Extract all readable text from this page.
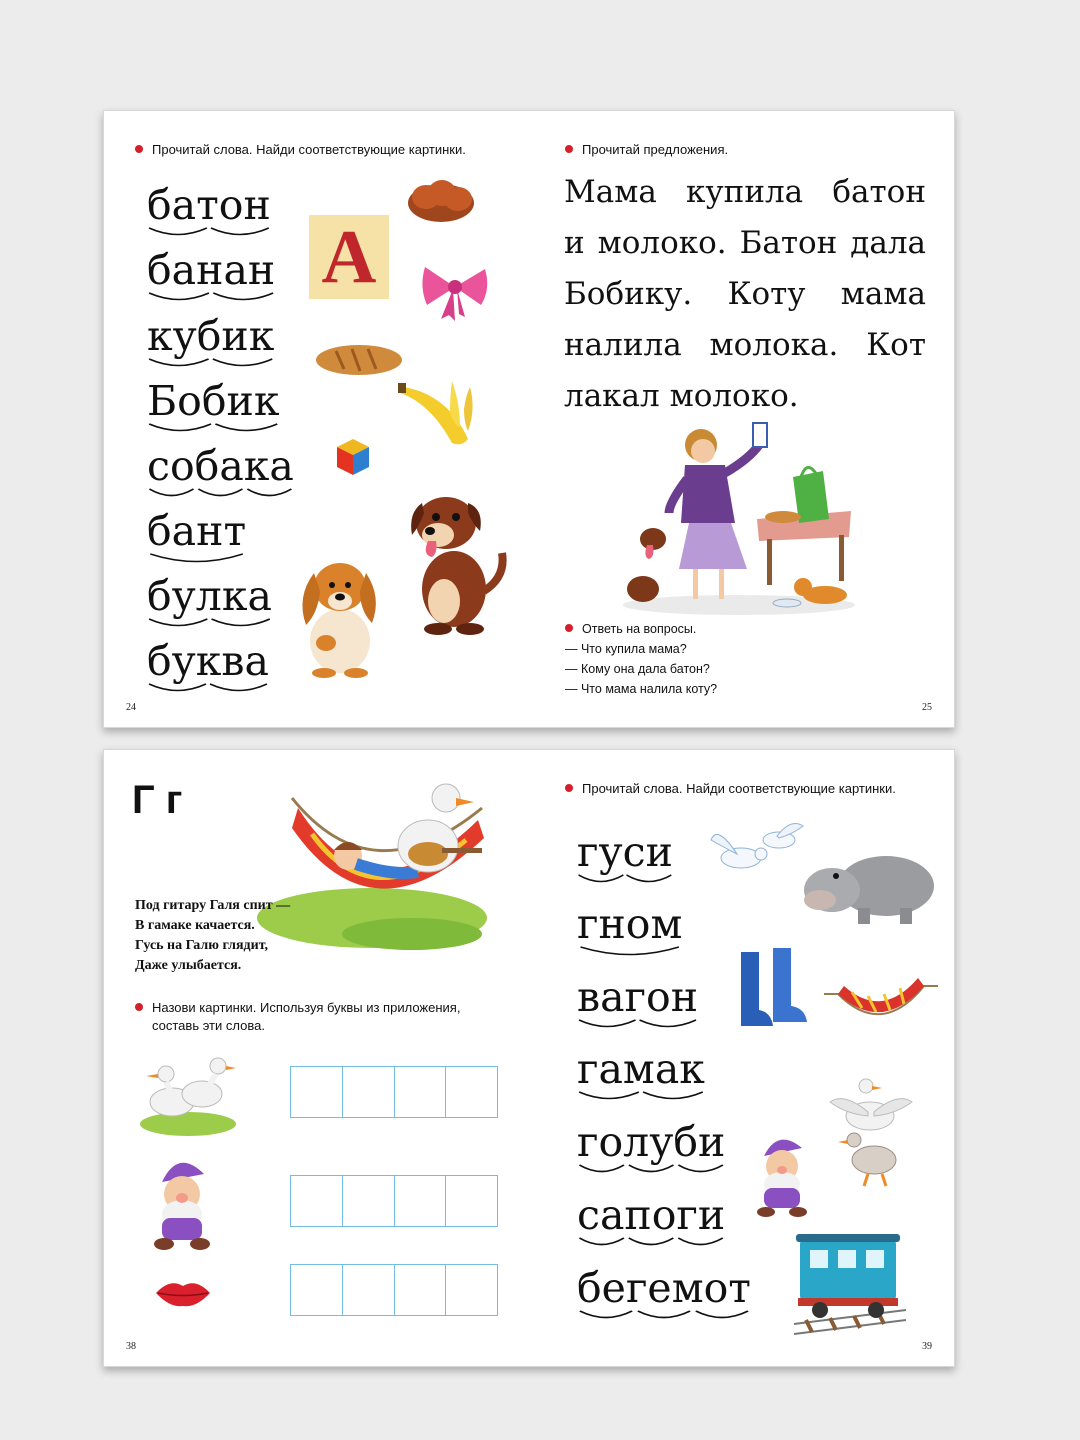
Прочитай слова. Найди соответствующие картинки.
батон
банан
кубик
Бобик
собака
бант
булка
буква
А
24
Прочитай предложения.
Мама купила батон
и молоко. Батон дала
Бобику. Коту мама
налила молока. Кот
лакал молоко.
Ответь на вопросы.
— Что купила мама?
— Кому она дала батон?
— Что мама налила коту?
25
Г г
Под гитару Галя спит —
В гамаке качается.
Гусь на Галю глядит,
Даже улыбается.
Назови картинки. Используя буквы из приложения,
составь эти слова.
38
Прочитай слова. Найди соответствующие картинки.
гуси
гном
вагон
гамак
голуби
сапоги
бегемот
39
